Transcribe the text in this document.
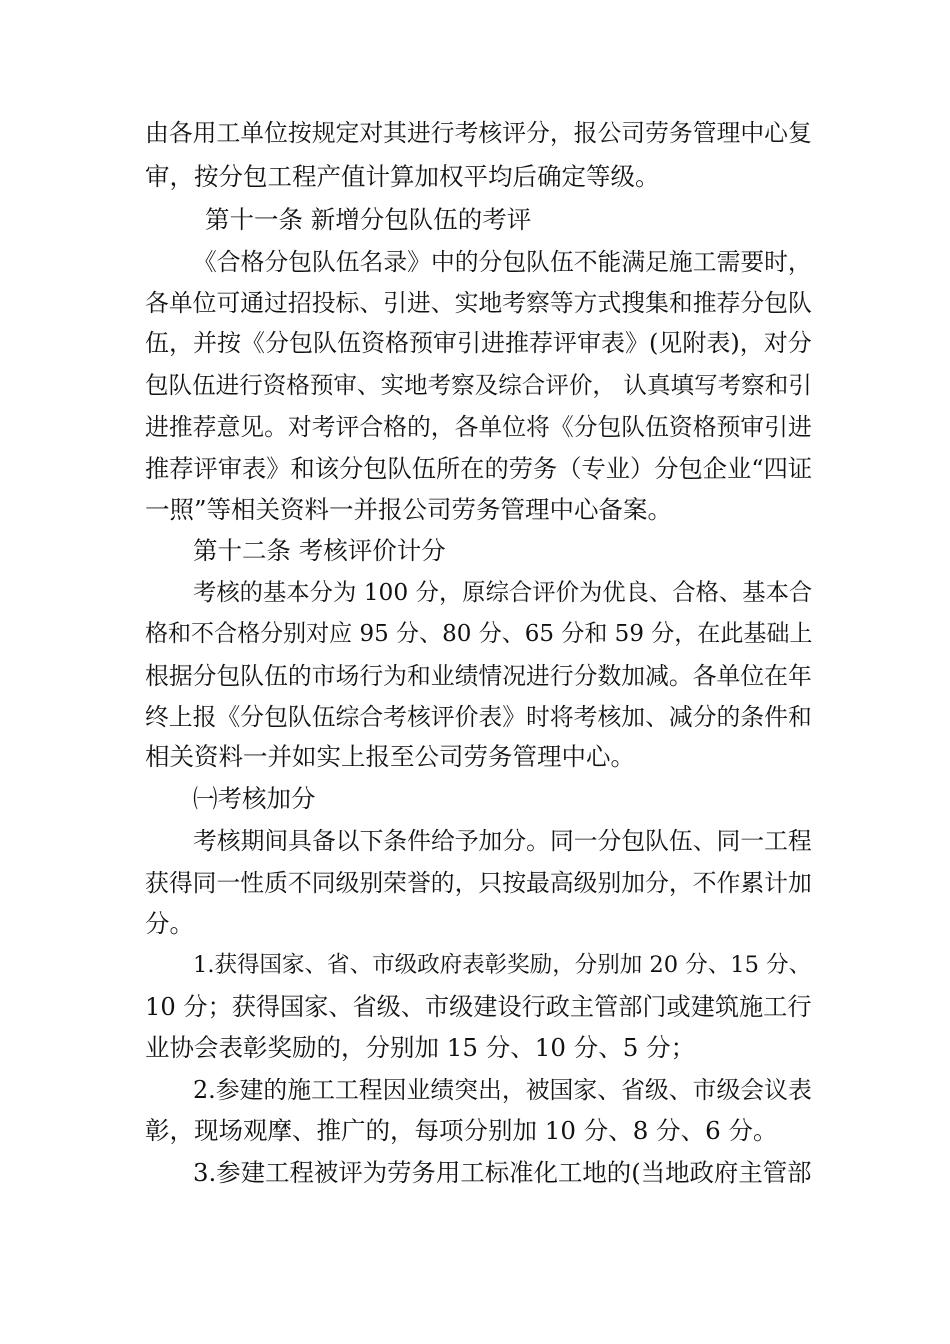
由各用工单位按规定对其进行考核评分，报公司劳务管理中心复
审，按分包工程产值计算加权平均后确定等级。
第十一条 新增分包队伍的考评
《合格分包队伍名录》中的分包队伍不能满足施工需要时，
各单位可通过招投标、引进、实地考察等方式搜集和推荐分包队
伍，并按《分包队伍资格预审引进推荐评审表》(见附表)，对分
包队伍进行资格预审、实地考察及综合评价， 认真填写考察和引
进推荐意见。对考评合格的，各单位将《分包队伍资格预审引进
推荐评审表》和该分包队伍所在的劳务（专业）分包企业“四证
一照”等相关资料一并报公司劳务管理中心备案。
第十二条 考核评价计分
考核的基本分为 100 分，原综合评价为优良、合格、基本合
格和不合格分别对应 95 分、80 分、65 分和 59 分，在此基础上
根据分包队伍的市场行为和业绩情况进行分数加减。各单位在年
终上报《分包队伍综合考核评价表》时将考核加、减分的条件和
相关资料一并如实上报至公司劳务管理中心。
㈠考核加分
考核期间具备以下条件给予加分。同一分包队伍、同一工程
获得同一性质不同级别荣誉的，只按最高级别加分，不作累计加
分。
1.获得国家、省、市级政府表彰奖励，分别加 20 分、15 分、
10 分；获得国家、省级、市级建设行政主管部门或建筑施工行
业协会表彰奖励的，分别加 15 分、10 分、5 分；
2.参建的施工工程因业绩突出，被国家、省级、市级会议表
彰，现场观摩、推广的，每项分别加 10 分、8 分、6 分。
3.参建工程被评为劳务用工标准化工地的(当地政府主管部
